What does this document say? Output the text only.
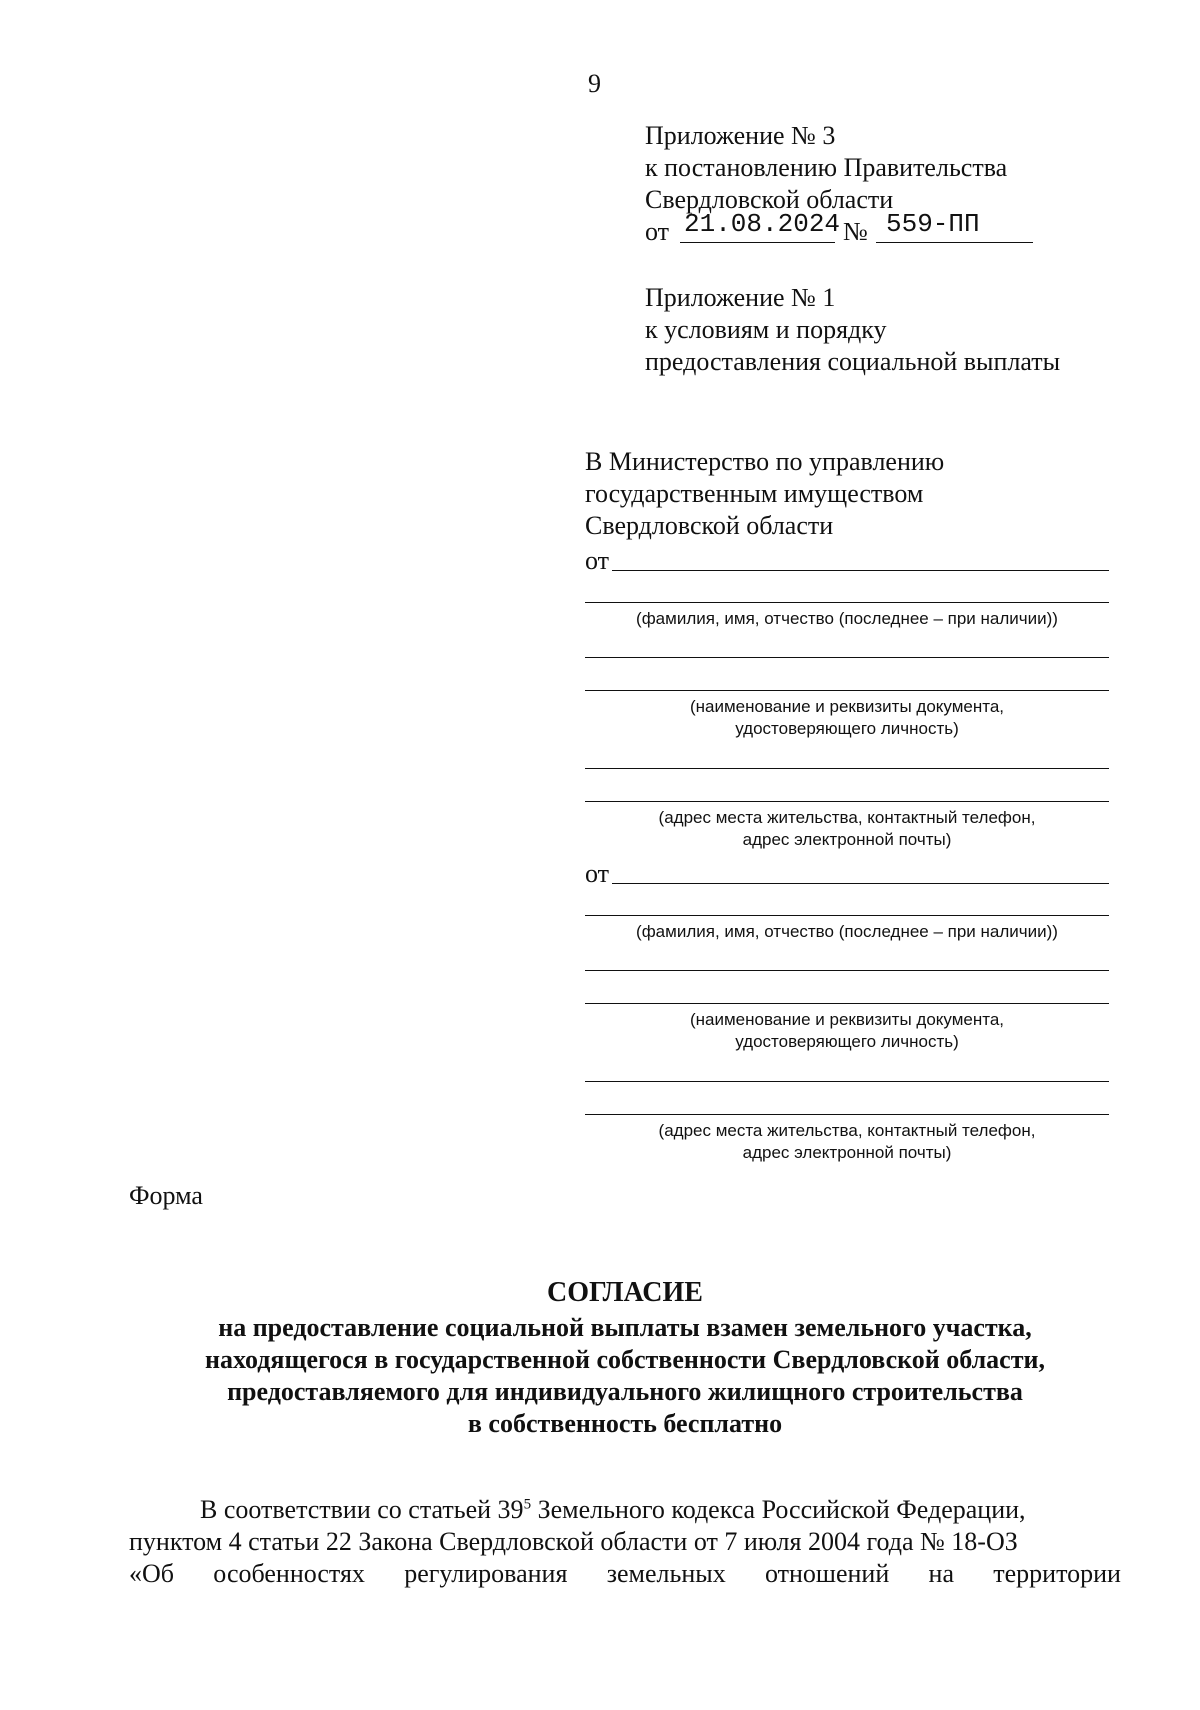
9
Приложение № 3
к постановлению Правительства
Свердловской области
от 21.08.2024 № 559-ПП
Приложение № 1
к условиям и порядку
предоставления социальной выплаты
В Министерство по управлению
государственным имуществом
Свердловской области
от
(фамилия, имя, отчество (последнее – при наличии))
(наименование и реквизиты документа,
удостоверяющего личность)
(адрес места жительства, контактный телефон,
адрес электронной почты)
от
(фамилия, имя, отчество (последнее – при наличии))
(наименование и реквизиты документа,
удостоверяющего личность)
(адрес места жительства, контактный телефон,
адрес электронной почты)
Форма
СОГЛАСИЕ
на предоставление социальной выплаты взамен земельного участка,
находящегося в государственной собственности Свердловской области,
предоставляемого для индивидуального жилищного строительства
в собственность бесплатно
В соответствии со статьей $39^5$ Земельного кодекса Российской Федерации,
пунктом 4 статьи 22 Закона Свердловской области от 7 июля 2004 года № 18-ОЗ
«Об особенностях регулирования земельных отношений на территории
